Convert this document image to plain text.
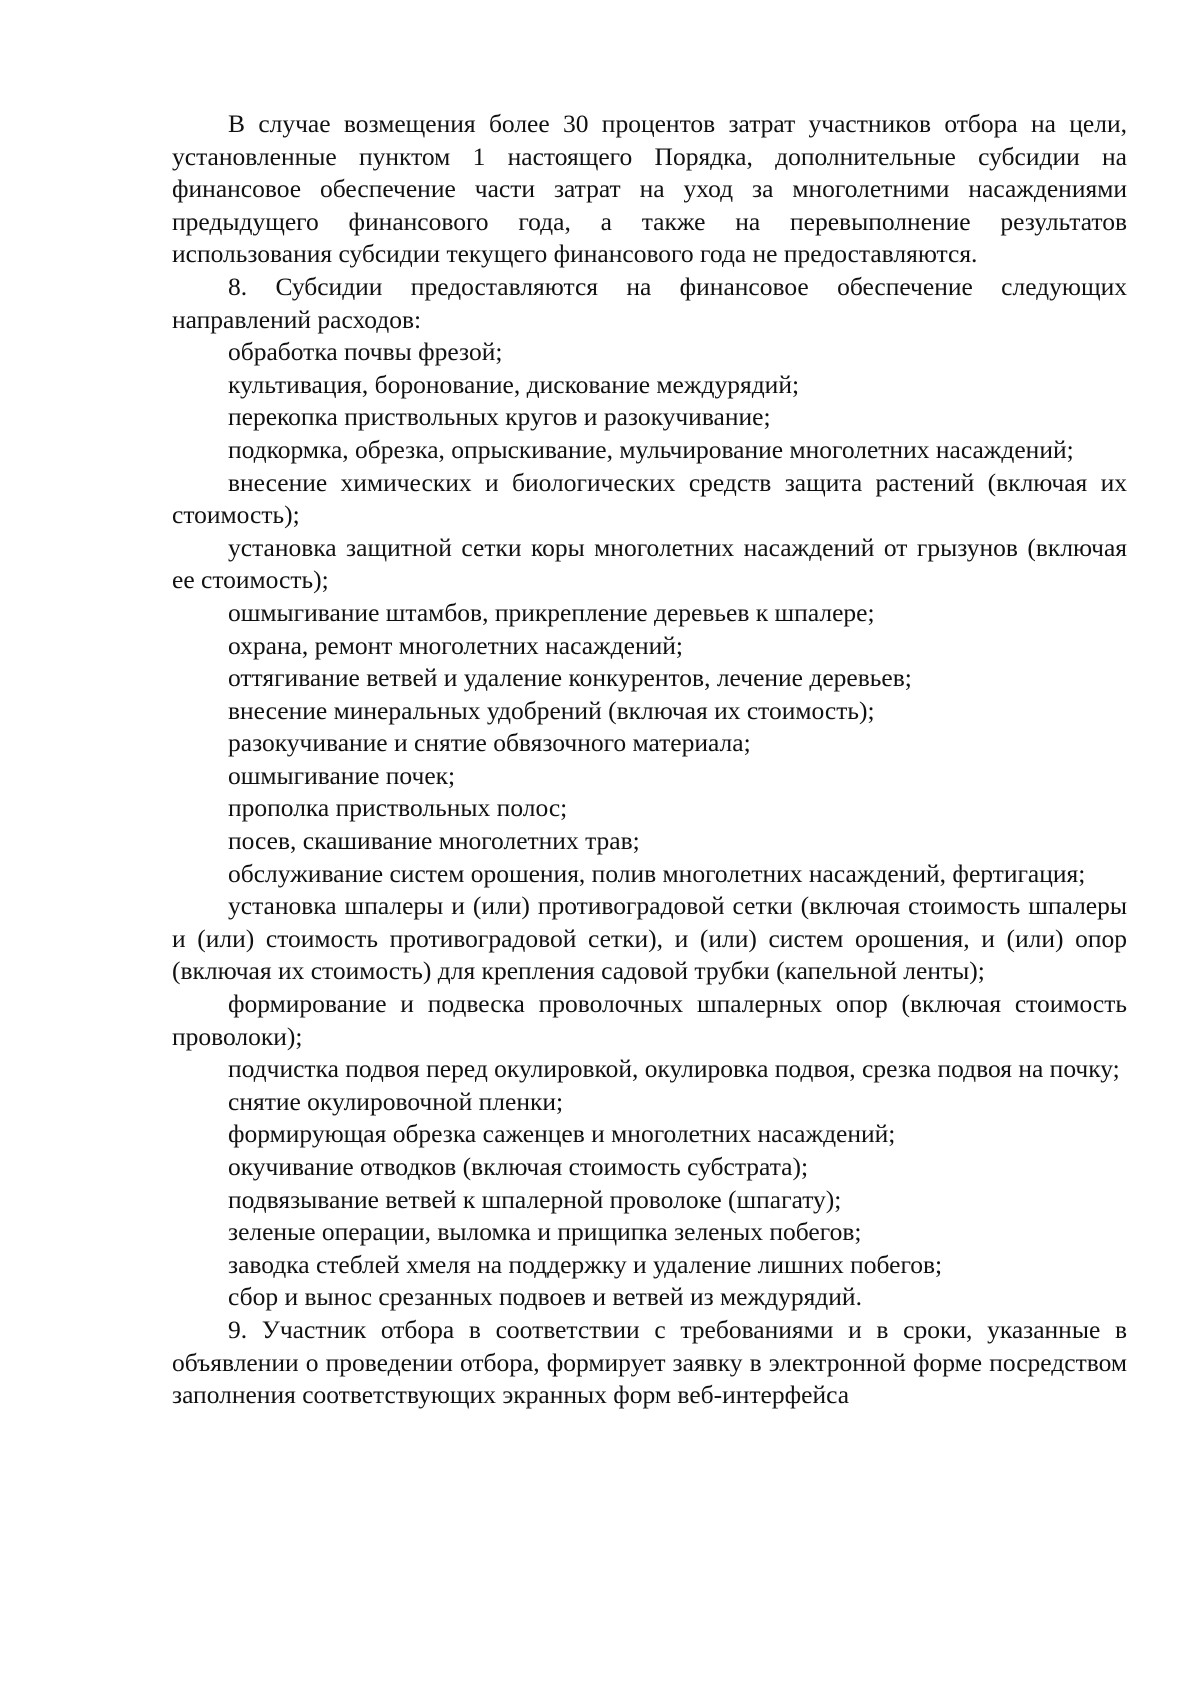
В случае возмещения более 30 процентов затрат участников отбора на цели, установленные пунктом 1 настоящего Порядка, дополнительные субсидии на финансовое обеспечение части затрат на уход за многолетними насаждениями предыдущего финансового года, а также на перевыполнение результатов использования субсидии текущего финансового года не предоставляются.

8. Субсидии предоставляются на финансовое обеспечение следующих направлений расходов:

обработка почвы фрезой;

культивация, боронование, дискование междурядий;

перекопка приствольных кругов и разокучивание;

подкормка, обрезка, опрыскивание, мульчирование многолетних насаждений;

внесение химических и биологических средств защита растений (включая их стоимость);

установка защитной сетки коры многолетних насаждений от грызунов (включая ее стоимость);

ошмыгивание штамбов, прикрепление деревьев к шпалере;

охрана, ремонт многолетних насаждений;

оттягивание ветвей и удаление конкурентов, лечение деревьев;

внесение минеральных удобрений (включая их стоимость);

разокучивание и снятие обвязочного материала;

ошмыгивание почек;

прополка приствольных полос;

посев, скашивание многолетних трав;

обслуживание систем орошения, полив многолетних насаждений, фертигация;

установка шпалеры и (или) противоградовой сетки (включая стоимость шпалеры и (или) стоимость противоградовой сетки), и (или) систем орошения, и (или) опор (включая их стоимость) для крепления садовой трубки (капельной ленты);

формирование и подвеска проволочных шпалерных опор (включая стоимость проволоки);

подчистка подвоя перед окулировкой, окулировка подвоя, срезка подвоя на почку;

снятие окулировочной пленки;

формирующая обрезка саженцев и многолетних насаждений;

окучивание отводков (включая стоимость субстрата);

подвязывание ветвей к шпалерной проволоке (шпагату);

зеленые операции, выломка и прищипка зеленых побегов;

заводка стеблей хмеля на поддержку и удаление лишних побегов;

сбор и вынос срезанных подвоев и ветвей из междурядий.

9. Участник отбора в соответствии с требованиями и в сроки, указанные в объявлении о проведении отбора, формирует заявку в электронной форме посредством заполнения соответствующих экранных форм веб-интерфейса
